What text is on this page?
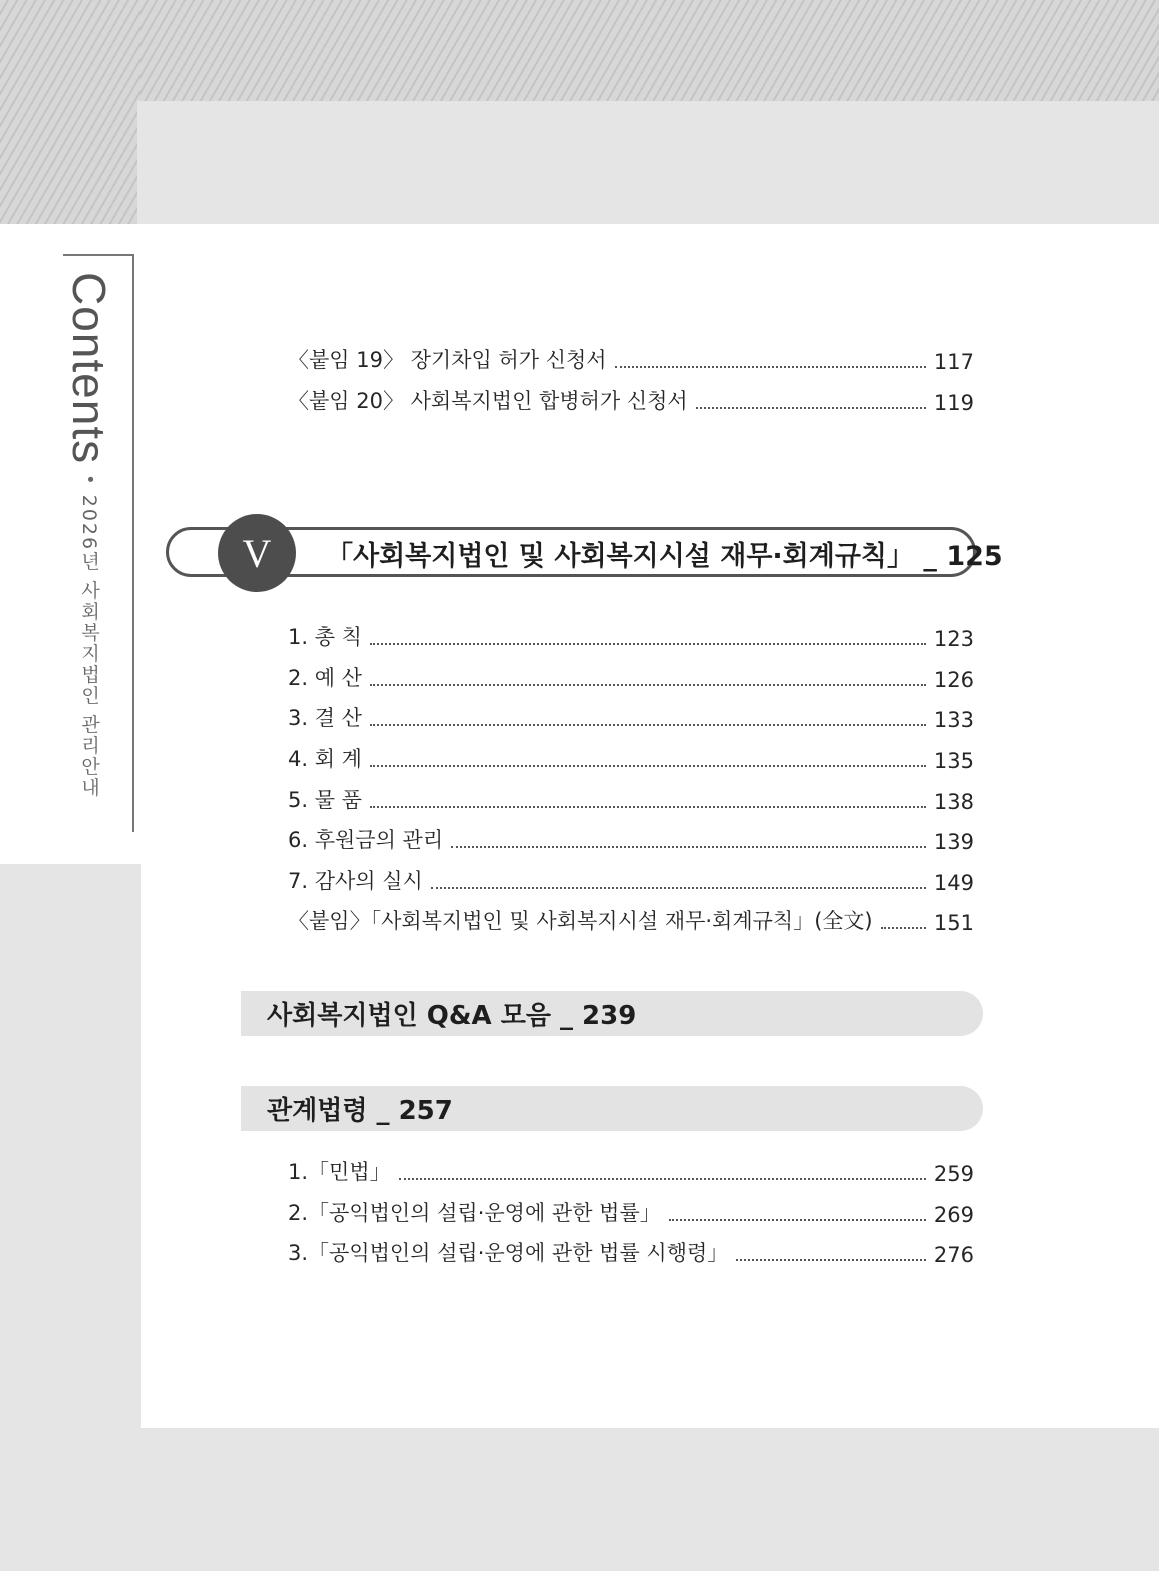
Contents•2026년 사회복지법인 관리안내
〈붙임 19〉 장기차입 허가 신청서	117
〈붙임 20〉 사회복지법인 합병허가 신청서	119
V 「사회복지법인 및 사회복지시설 재무·회계규칙」 _ 125
1. 총 칙	123
2. 예 산	126
3. 결 산	133
4. 회 계	135
5. 물 품	138
6. 후원금의 관리	139
7. 감사의 실시	149
〈붙임〉「사회복지법인 및 사회복지시설 재무·회계규칙」(全文)	151
사회복지법인 Q&A 모음 _ 239
관계법령 _ 257
1.「민법」	259
2.「공익법인의 설립·운영에 관한 법률」	269
3.「공익법인의 설립·운영에 관한 법률 시행령」	276
